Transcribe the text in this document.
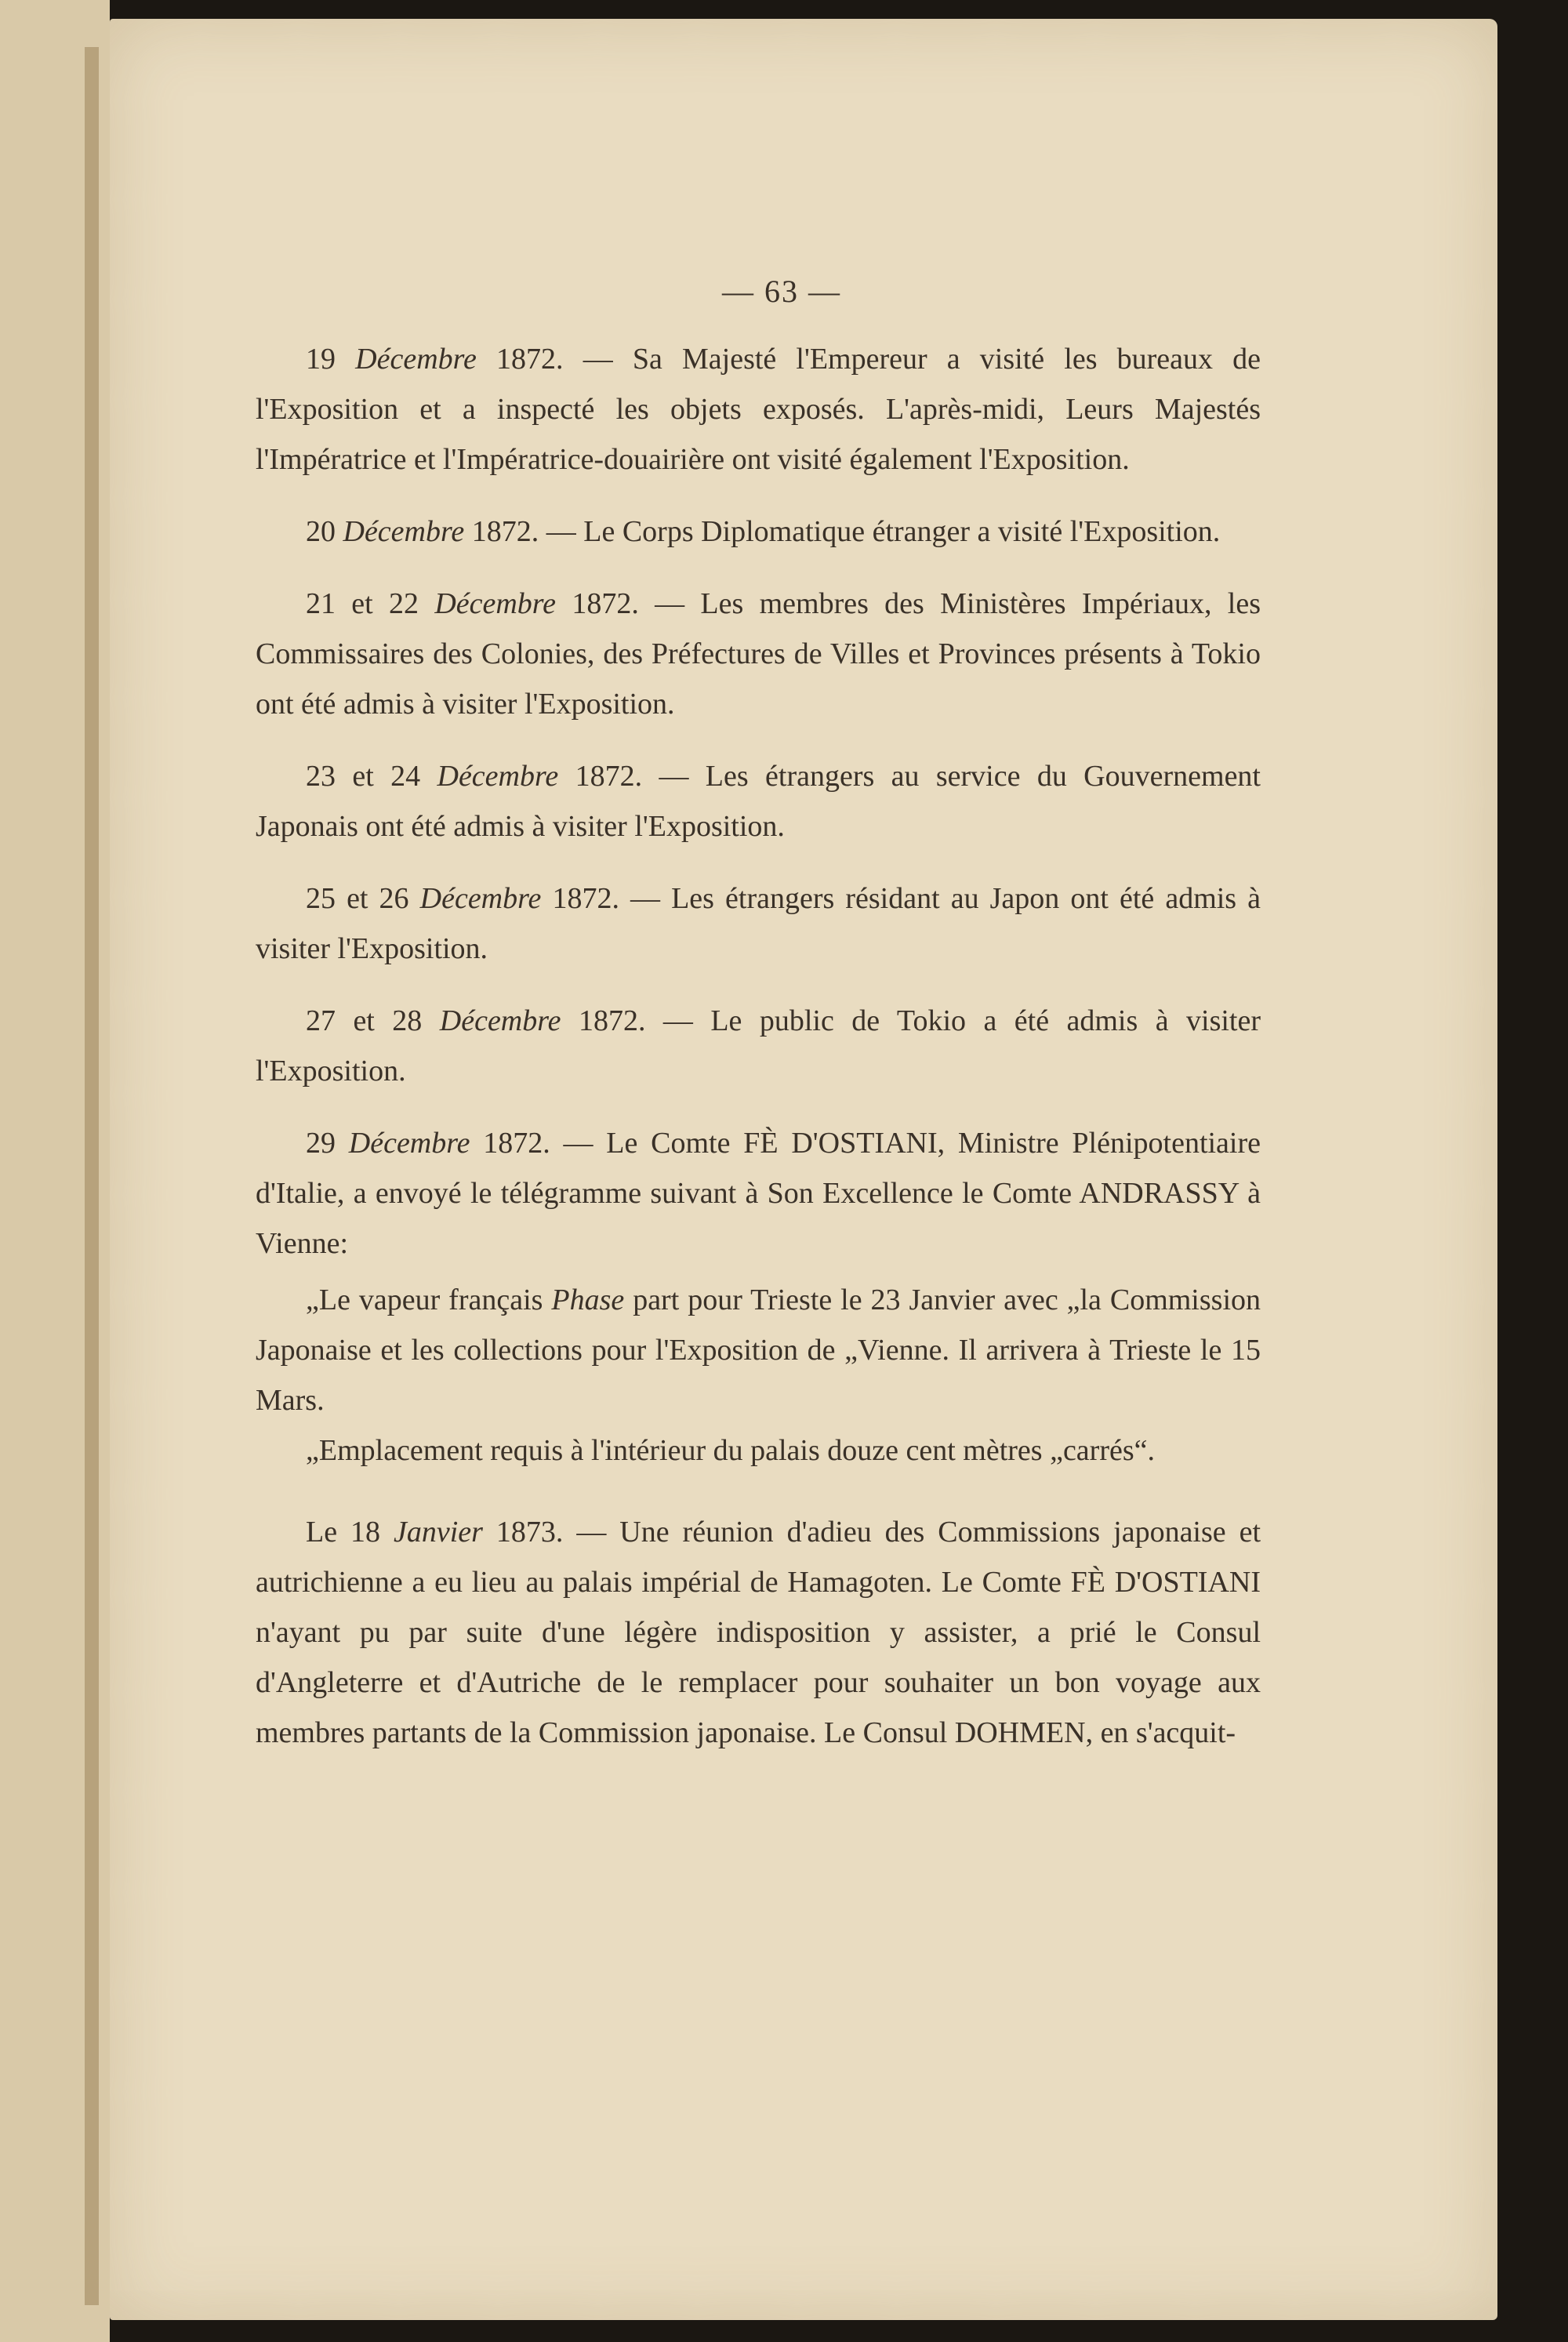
— 63 —

19 Décembre 1872. — Sa Majesté l'Empereur a visité les bureaux de l'Exposition et a inspecté les objets exposés. L'après-midi, Leurs Majestés l'Impératrice et l'Impératrice-douairière ont visité également l'Exposition.

20 Décembre 1872. — Le Corps Diplomatique étranger a visité l'Exposition.

21 et 22 Décembre 1872. — Les membres des Ministères Impériaux, les Commissaires des Colonies, des Préfectures de Villes et Provinces présents à Tokio ont été admis à visiter l'Exposition.

23 et 24 Décembre 1872. — Les étrangers au service du Gouvernement Japonais ont été admis à visiter l'Exposition.

25 et 26 Décembre 1872. — Les étrangers résidant au Japon ont été admis à visiter l'Exposition.

27 et 28 Décembre 1872. — Le public de Tokio a été admis à visiter l'Exposition.

29 Décembre 1872. — Le Comte FÈ D'OSTIANI, Ministre Plénipotentiaire d'Italie, a envoyé le télégramme suivant à Son Excellence le Comte ANDRASSY à Vienne:

„Le vapeur français Phase part pour Trieste le 23 Janvier avec „la Commission Japonaise et les collections pour l'Exposition de „Vienne. Il arrivera à Trieste le 15 Mars.

„Emplacement requis à l'intérieur du palais douze cent mètres „carrés“.

Le 18 Janvier 1873. — Une réunion d'adieu des Commissions japonaise et autrichienne a eu lieu au palais impérial de Hamagoten. Le Comte FÈ D'OSTIANI n'ayant pu par suite d'une légère indisposition y assister, a prié le Consul d'Angleterre et d'Autriche de le remplacer pour souhaiter un bon voyage aux membres partants de la Commission japonaise. Le Consul DOHMEN, en s'acquit-
